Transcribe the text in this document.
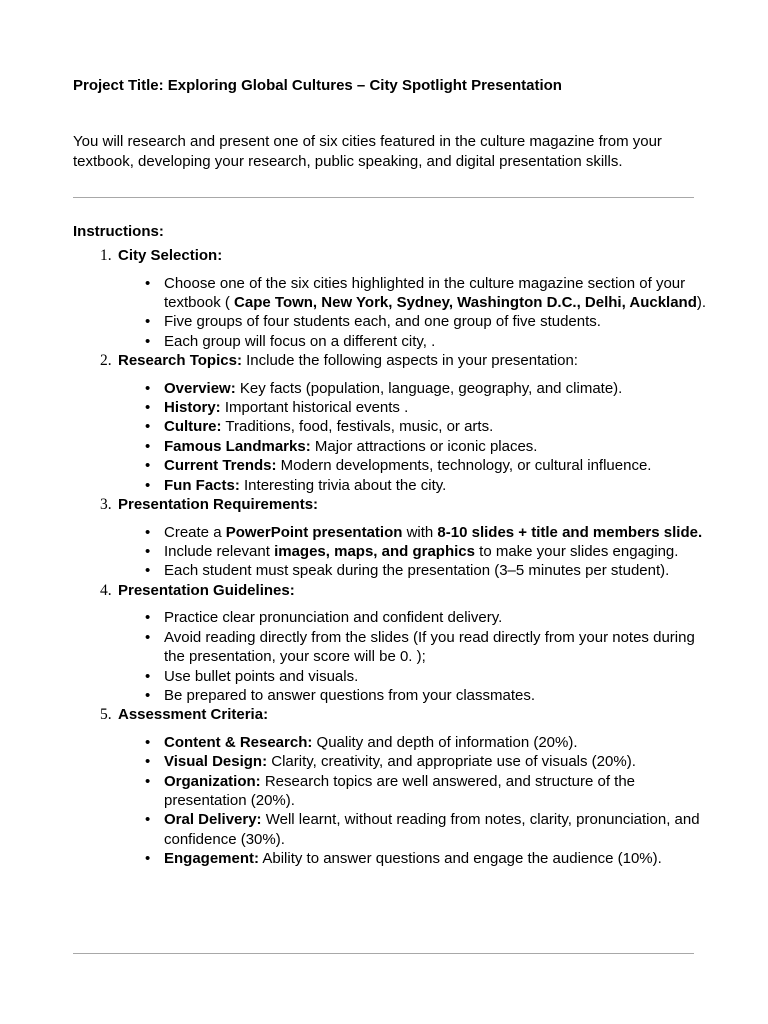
Project Title: Exploring Global Cultures – City Spotlight Presentation

You will research and present one of six cities featured in the culture magazine from your textbook, developing your research, public speaking, and digital presentation skills.

Instructions:
1. City Selection:
• Choose one of the six cities highlighted in the culture magazine section of your textbook ( Cape Town, New York, Sydney, Washington D.C., Delhi, Auckland).
• Five groups of four students each, and one group of five students.
• Each group will focus on a different city, .
2. Research Topics: Include the following aspects in your presentation:
• Overview: Key facts (population, language, geography, and climate).
• History: Important historical events .
• Culture: Traditions, food, festivals, music, or arts.
• Famous Landmarks: Major attractions or iconic places.
• Current Trends: Modern developments, technology, or cultural influence.
• Fun Facts: Interesting trivia about the city.
3. Presentation Requirements:
• Create a PowerPoint presentation with 8-10 slides + title and members slide.
• Include relevant images, maps, and graphics to make your slides engaging.
• Each student must speak during the presentation (3–5 minutes per student).
4. Presentation Guidelines:
• Practice clear pronunciation and confident delivery.
• Avoid reading directly from the slides (If you read directly from your notes during the presentation, your score will be 0. );
• Use bullet points and visuals.
• Be prepared to answer questions from your classmates.
5. Assessment Criteria:
• Content & Research: Quality and depth of information (20%).
• Visual Design: Clarity, creativity, and appropriate use of visuals (20%).
• Organization: Research topics are well answered, and structure of the presentation (20%).
• Oral Delivery: Well learnt, without reading from notes, clarity, pronunciation, and confidence (30%).
• Engagement: Ability to answer questions and engage the audience (10%).
